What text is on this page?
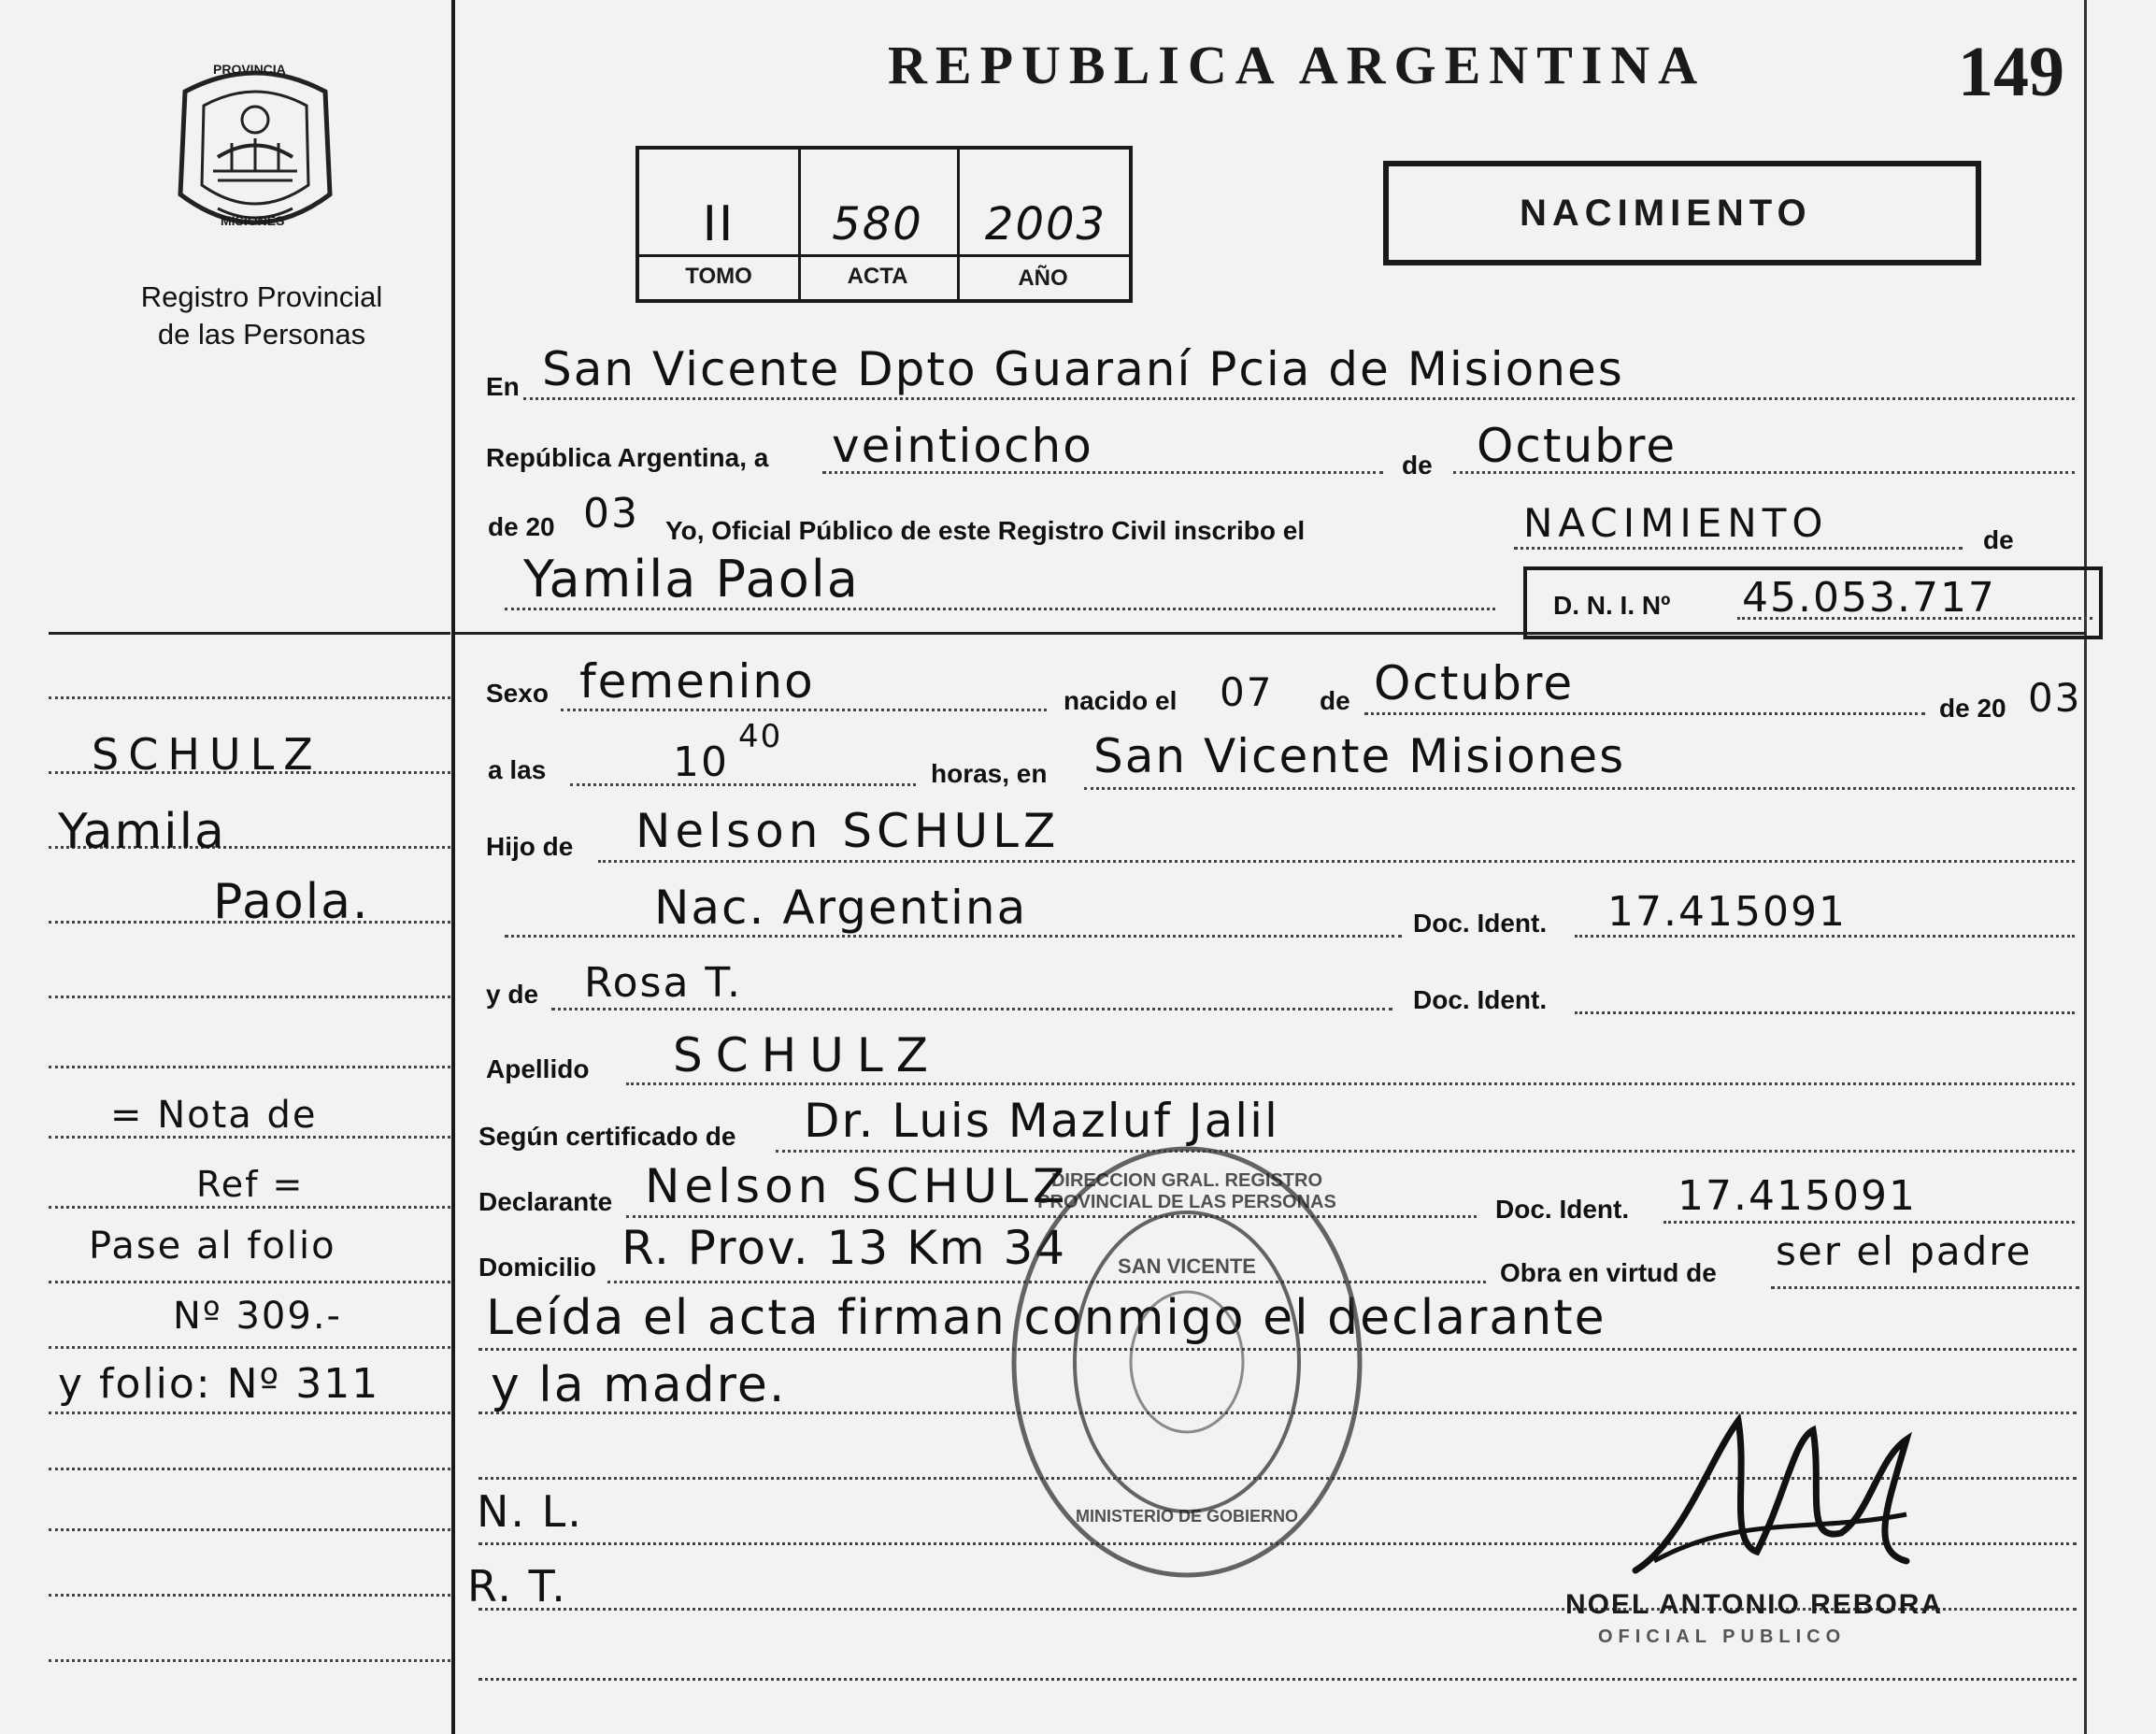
PROVINCIA
MISIONES
Registro Provincial
de las Personas
SCHULZ
Yamila
Paola.
= Nota de
Ref =
Pase al folio
Nº 309.-
y folio: Nº 311
REPUBLICA ARGENTINA	149
II	580	2003
TOMO	ACTA	AÑO
NACIMIENTO
En San Vicente Dpto Guaraní Pcia de Misiones
República Argentina, a veintiocho	de Octubre
de 20 03 Yo, Oficial Público de este Registro Civil inscribo el	NACIMIENTO	de
Yamila Paola	D. N. I. Nº 45.053.717
Sexo femenino	nacido el 07 de Octubre	de 20 03
a las	10
40
horas, en San Vicente Misiones
Hijo de Nelson SCHULZ
Nac. Argentina	Doc. Ident. 17.415091
y de Rosa T.	Doc. Ident.
Apellido SCHULZ
Según certificado de Dr. Luis Mazluf Jalil
Declarante Nelson SCHULZ	Doc. Ident. 17.415091
Domicilio R. Prov. 13 Km 34	Obra en virtud de ser el padre
Leída el acta firman conmigo el declarante
y la madre.
N. L.
R. T.
DIRECCION GRAL. REGISTRO PROVINCIAL DE LAS PERSONAS
SAN VICENTE
MINISTERIO DE GOBIERNO
NOEL ANTONIO REBORA
OFICIAL PUBLICO
